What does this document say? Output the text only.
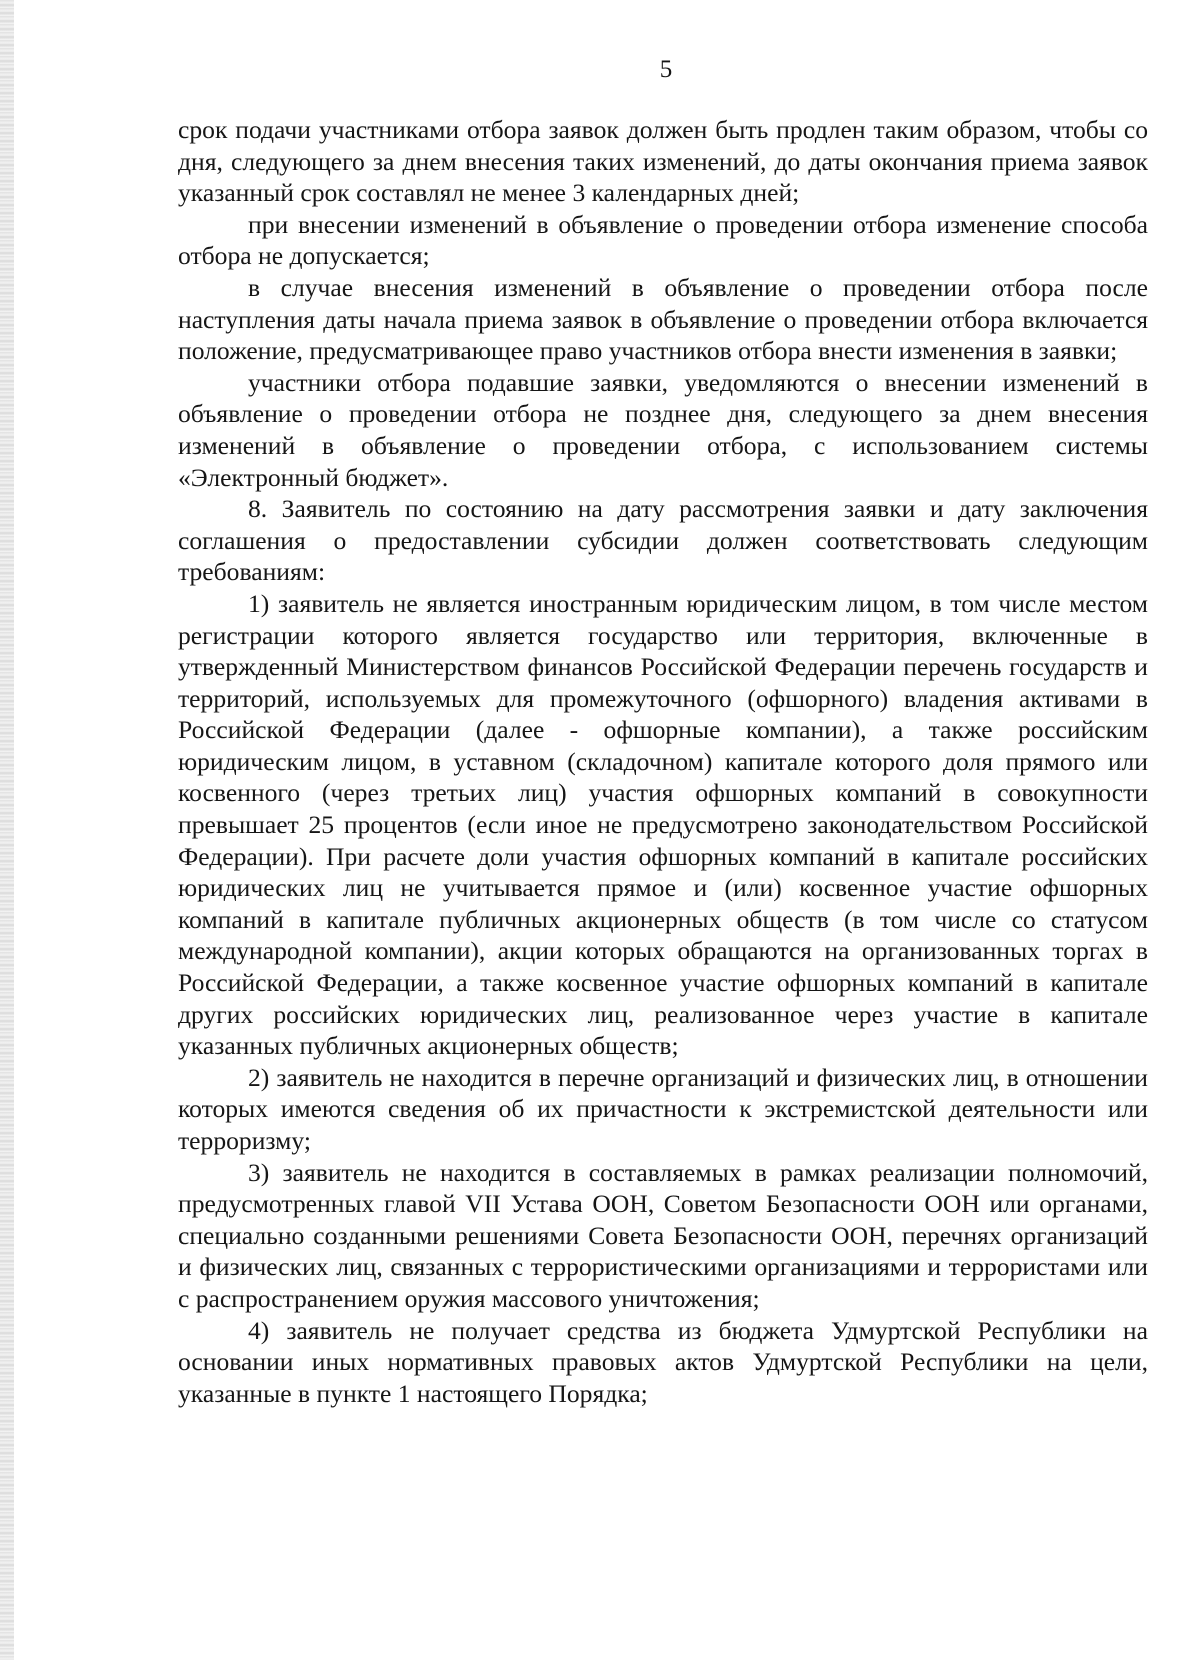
5

срок подачи участниками отбора заявок должен быть продлен таким образом, чтобы со дня, следующего за днем внесения таких изменений, до даты окончания приема заявок указанный срок составлял не менее 3 календарных дней;

при внесении изменений в объявление о проведении отбора изменение способа отбора не допускается;

в случае внесения изменений в объявление о проведении отбора после наступления даты начала приема заявок в объявление о проведении отбора включается положение, предусматривающее право участников отбора внести изменения в заявки;

участники отбора подавшие заявки, уведомляются о внесении изменений в объявление о проведении отбора не позднее дня, следующего за днем внесения изменений в объявление о проведении отбора, с использованием системы «Электронный бюджет».

8. Заявитель по состоянию на дату рассмотрения заявки и дату заключения соглашения о предоставлении субсидии должен соответствовать следующим требованиям:

1) заявитель не является иностранным юридическим лицом, в том числе местом регистрации которого является государство или территория, включенные в утвержденный Министерством финансов Российской Федерации перечень государств и территорий, используемых для промежуточного (офшорного) владения активами в Российской Федерации (далее - офшорные компании), а также российским юридическим лицом, в уставном (складочном) капитале которого доля прямого или косвенного (через третьих лиц) участия офшорных компаний в совокупности превышает 25 процентов (если иное не предусмотрено законодательством Российской Федерации). При расчете доли участия офшорных компаний в капитале российских юридических лиц не учитывается прямое и (или) косвенное участие офшорных компаний в капитале публичных акционерных обществ (в том числе со статусом международной компании), акции которых обращаются на организованных торгах в Российской Федерации, а также косвенное участие офшорных компаний в капитале других российских юридических лиц, реализованное через участие в капитале указанных публичных акционерных обществ;

2) заявитель не находится в перечне организаций и физических лиц, в отношении которых имеются сведения об их причастности к экстремистской деятельности или терроризму;

3) заявитель не находится в составляемых в рамках реализации полномочий, предусмотренных главой VII Устава ООН, Советом Безопасности ООН или органами, специально созданными решениями Совета Безопасности ООН, перечнях организаций и физических лиц, связанных с террористическими организациями и террористами или с распространением оружия массового уничтожения;

4) заявитель не получает средства из бюджета Удмуртской Республики на основании иных нормативных правовых актов Удмуртской Республики на цели, указанные в пункте 1 настоящего Порядка;
